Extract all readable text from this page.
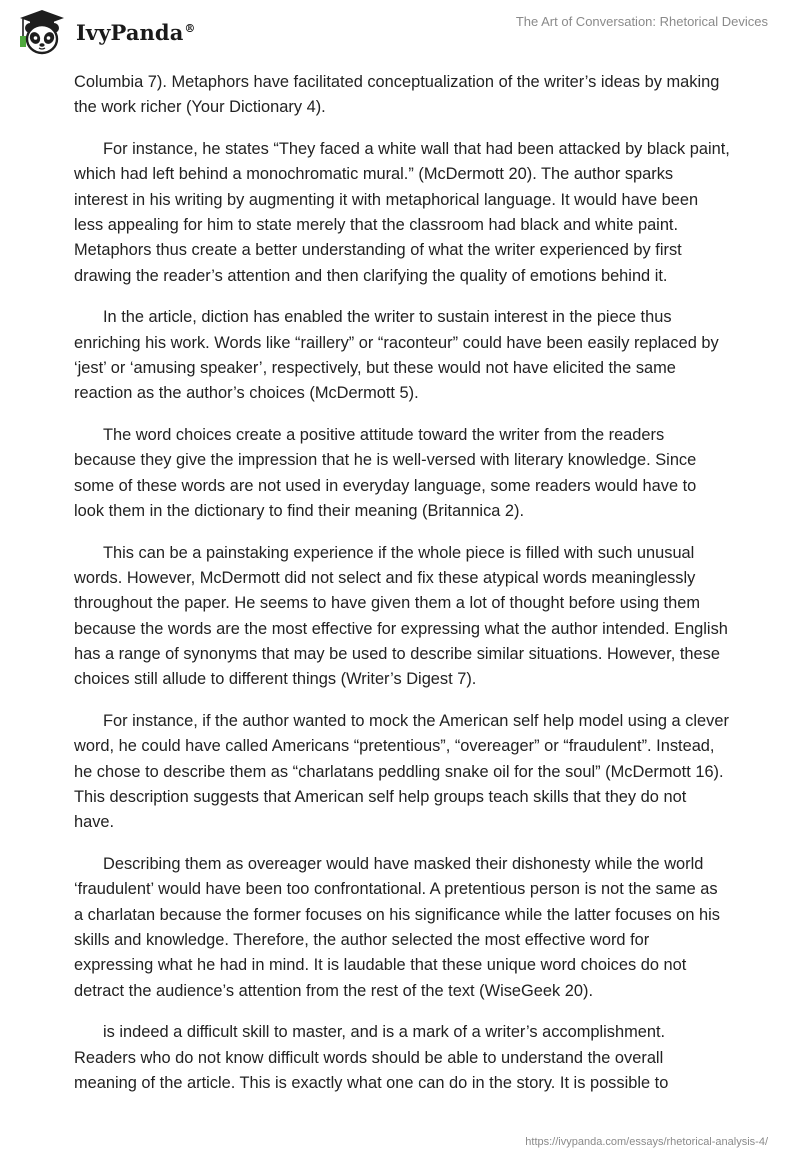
IvyPanda®	The Art of Conversation: Rhetorical Devices

Columbia 7). Metaphors have facilitated conceptualization of the writer’s ideas by making the work richer (Your Dictionary 4).

For instance, he states “They faced a white wall that had been attacked by black paint, which had left behind a monochromatic mural.” (McDermott 20). The author sparks interest in his writing by augmenting it with metaphorical language. It would have been less appealing for him to state merely that the classroom had black and white paint. Metaphors thus create a better understanding of what the writer experienced by first drawing the reader’s attention and then clarifying the quality of emotions behind it.

In the article, diction has enabled the writer to sustain interest in the piece thus enriching his work. Words like “raillery” or “raconteur” could have been easily replaced by ‘jest’ or ‘amusing speaker’, respectively, but these would not have elicited the same reaction as the author’s choices (McDermott 5).

The word choices create a positive attitude toward the writer from the readers because they give the impression that he is well-versed with literary knowledge. Since some of these words are not used in everyday language, some readers would have to look them in the dictionary to find their meaning (Britannica 2).

This can be a painstaking experience if the whole piece is filled with such unusual words. However, McDermott did not select and fix these atypical words meaninglessly throughout the paper. He seems to have given them a lot of thought before using them because the words are the most effective for expressing what the author intended. English has a range of synonyms that may be used to describe similar situations. However, these choices still allude to different things (Writer’s Digest 7).

For instance, if the author wanted to mock the American self help model using a clever word, he could have called Americans “pretentious”, “overeager” or “fraudulent”. Instead, he chose to describe them as “charlatans peddling snake oil for the soul” (McDermott 16). This description suggests that American self help groups teach skills that they do not have.

Describing them as overeager would have masked their dishonesty while the world ‘fraudulent’ would have been too confrontational. A pretentious person is not the same as a charlatan because the former focuses on his significance while the latter focuses on his skills and knowledge. Therefore, the author selected the most effective word for expressing what he had in mind. It is laudable that these unique word choices do not detract the audience’s attention from the rest of the text (WiseGeek 20).

is indeed a difficult skill to master, and is a mark of a writer’s accomplishment. Readers who do not know difficult words should be able to understand the overall meaning of the article. This is exactly what one can do in the story. It is possible to

https://ivypanda.com/essays/rhetorical-analysis-4/
